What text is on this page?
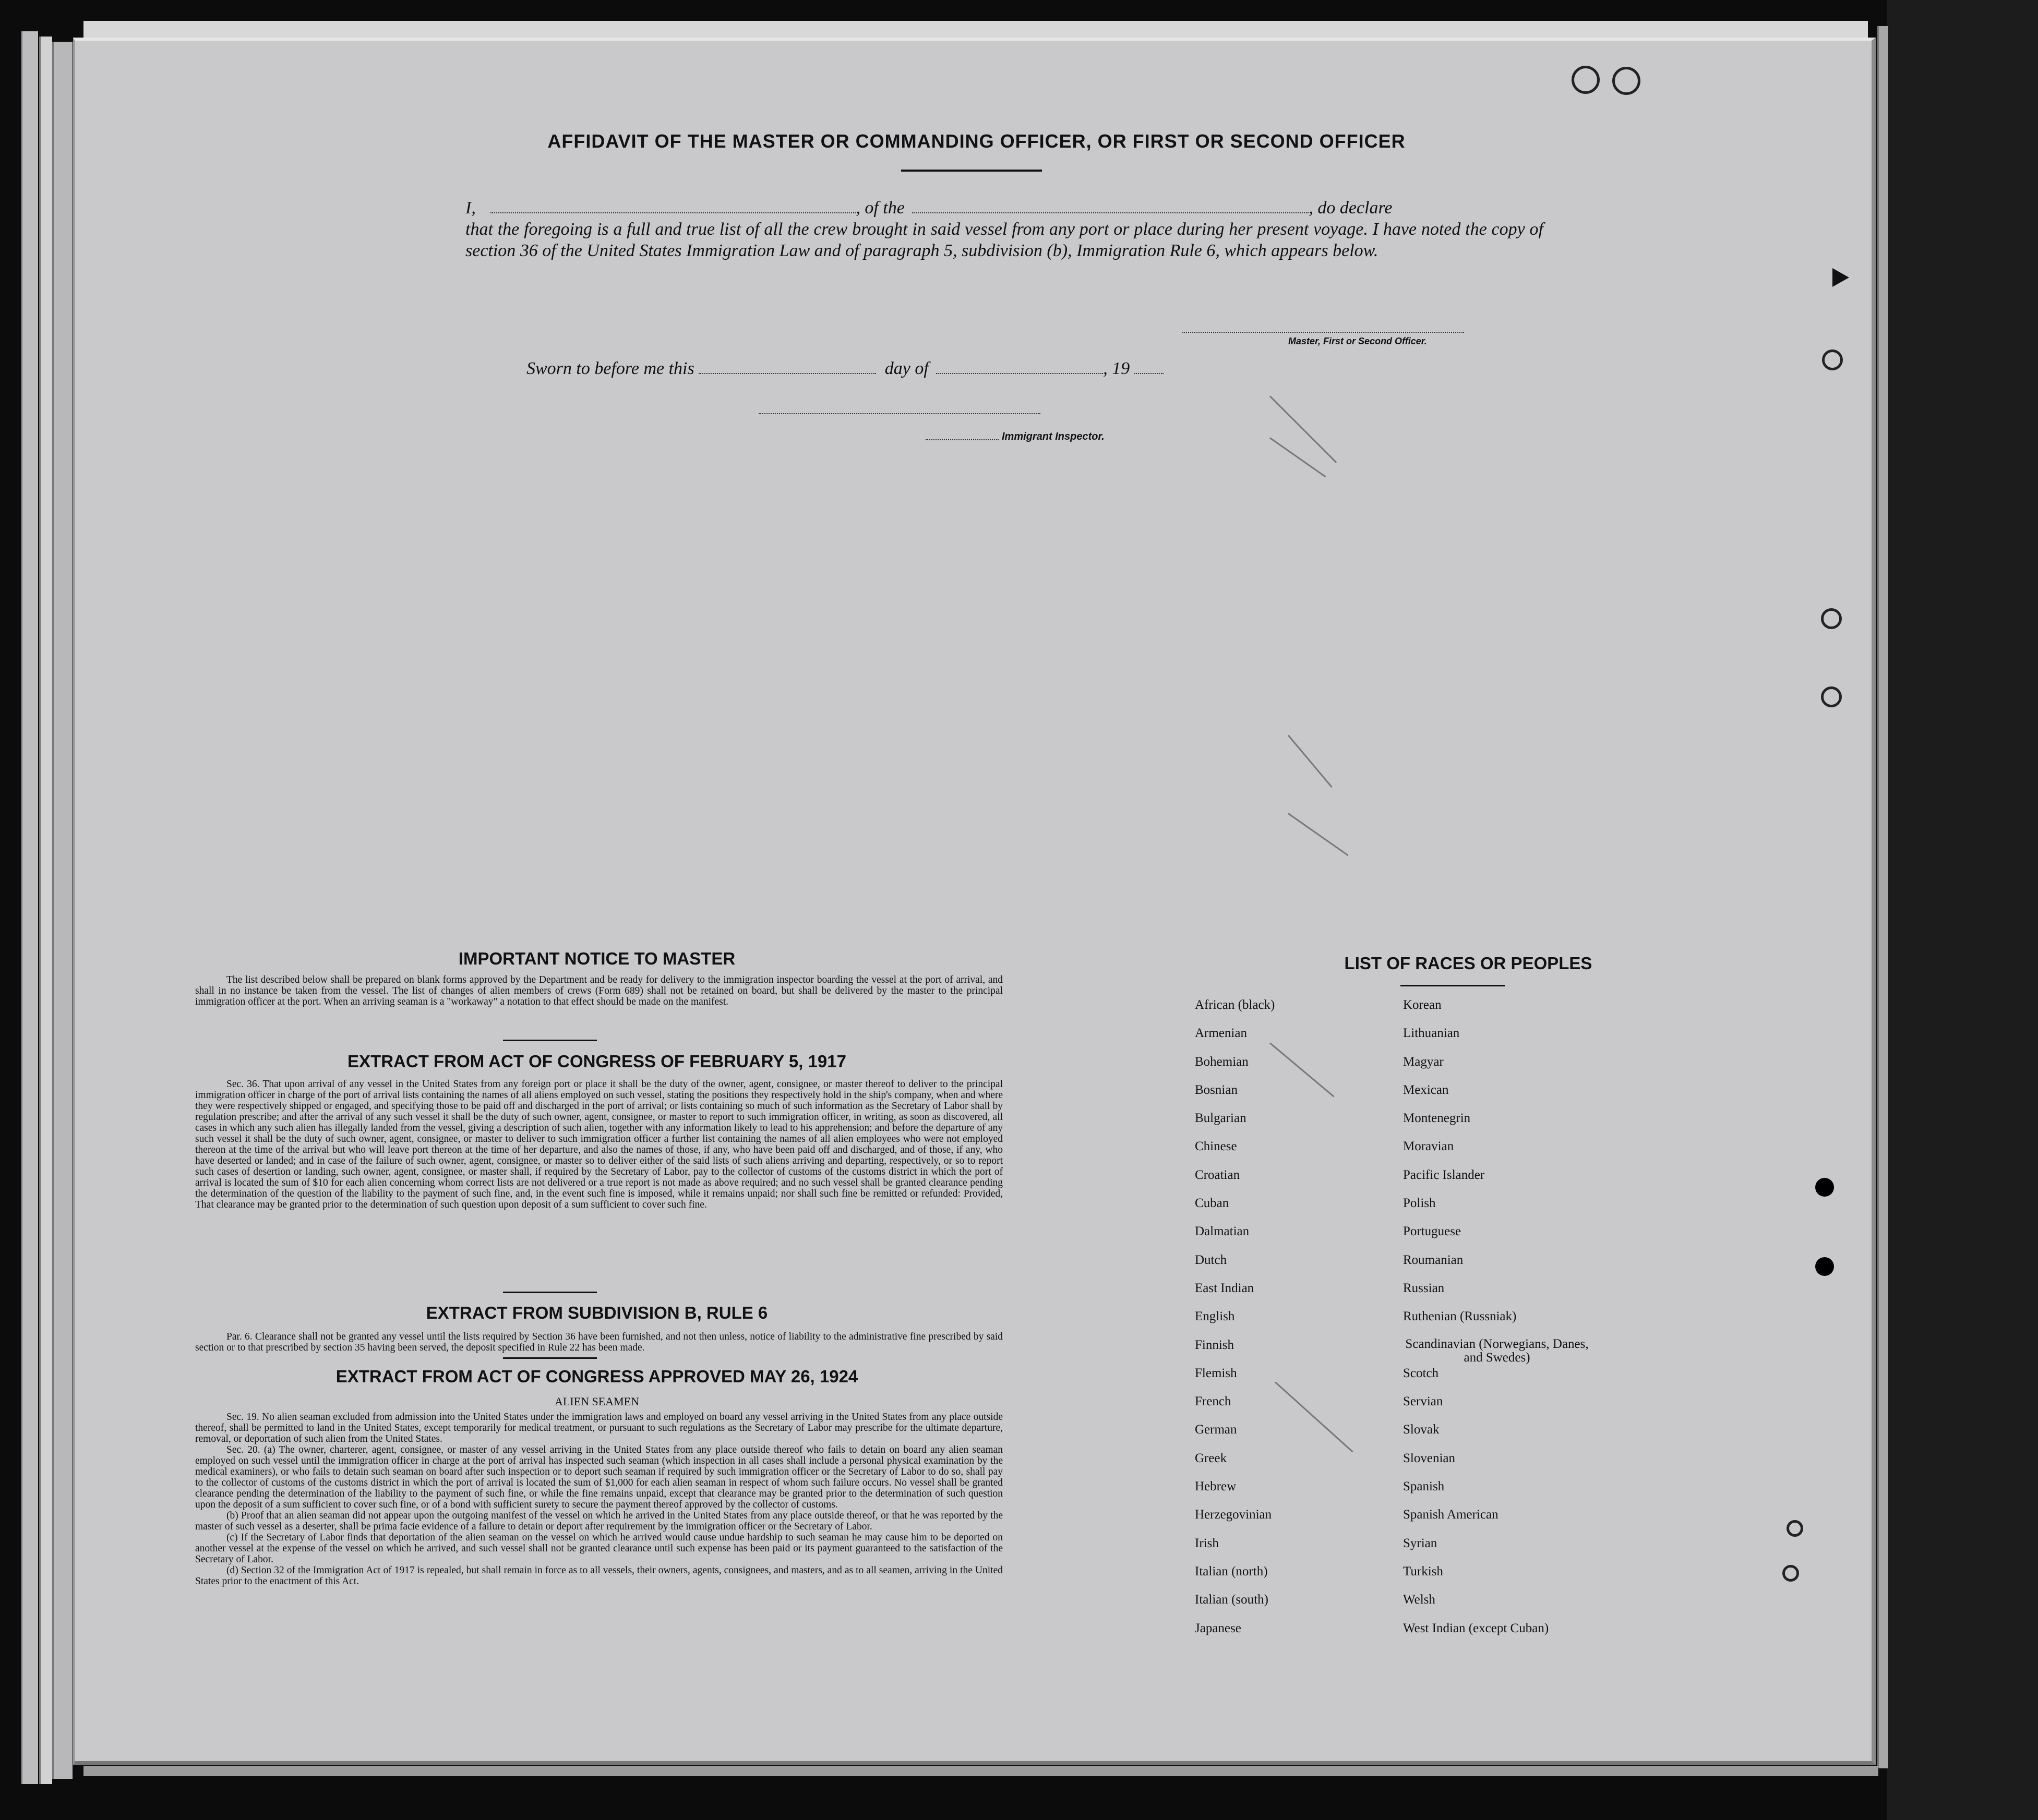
AFFIDAVIT OF THE MASTER OR COMMANDING OFFICER, OR FIRST OR SECOND OFFICER
I,	, of the	, do declare
that the foregoing is a full and true list of all the crew brought in said vessel from any port or place during her present voyage. I have noted the copy of section 36 of the United States Immigration Law and of paragraph 5, subdivision (b), Immigration Rule 6, which appears below.
Master, First or Second Officer.
Sworn to before me this	day of	, 19
Immigrant Inspector.
IMPORTANT NOTICE TO MASTER

The list described below shall be prepared on blank forms approved by the Department and be ready for delivery to the immigration inspector boarding the vessel at the port of arrival, and shall in no instance be taken from the vessel. The list of changes of alien members of crews (Form 689) shall not be retained on board, but shall be delivered by the master to the principal immigration officer at the port. When an arriving seaman is a "workaway" a notation to that effect should be made on the manifest.

EXTRACT FROM ACT OF CONGRESS OF FEBRUARY 5, 1917

Sec. 36. That upon arrival of any vessel in the United States from any foreign port or place it shall be the duty of the owner, agent, consignee, or master thereof to deliver to the principal immigration officer in charge of the port of arrival lists containing the names of all aliens employed on such vessel, stating the positions they respectively hold in the ship's company, when and where they were respectively shipped or engaged, and specifying those to be paid off and discharged in the port of arrival; or lists containing so much of such information as the Secretary of Labor shall by regulation prescribe; and after the arrival of any such vessel it shall be the duty of such owner, agent, consignee, or master to report to such immigration officer, in writing, as soon as discovered, all cases in which any such alien has illegally landed from the vessel, giving a description of such alien, together with any information likely to lead to his apprehension; and before the departure of any such vessel it shall be the duty of such owner, agent, consignee, or master to deliver to such immigration officer a further list containing the names of all alien employees who were not employed thereon at the time of the arrival but who will leave port thereon at the time of her departure, and also the names of those, if any, who have been paid off and discharged, and of those, if any, who have deserted or landed; and in case of the failure of such owner, agent, consignee, or master so to deliver either of the said lists of such aliens arriving and departing, respectively, or so to report such cases of desertion or landing, such owner, agent, consignee, or master shall, if required by the Secretary of Labor, pay to the collector of customs of the customs district in which the port of arrival is located the sum of $10 for each alien concerning whom correct lists are not delivered or a true report is not made as above required; and no such vessel shall be granted clearance pending the determination of the question of the liability to the payment of such fine, and, in the event such fine is imposed, while it remains unpaid; nor shall such fine be remitted or refunded: Provided, That clearance may be granted prior to the determination of such question upon deposit of a sum sufficient to cover such fine.

EXTRACT FROM SUBDIVISION B, RULE 6

Par. 6. Clearance shall not be granted any vessel until the lists required by Section 36 have been furnished, and not then unless, notice of liability to the administrative fine prescribed by said section or to that prescribed by section 35 having been served, the deposit specified in Rule 22 has been made.

EXTRACT FROM ACT OF CONGRESS APPROVED MAY 26, 1924
ALIEN SEAMEN

Sec. 19. No alien seaman excluded from admission into the United States under the immigration laws and employed on board any vessel arriving in the United States from any place outside thereof, shall be permitted to land in the United States, except temporarily for medical treatment, or pursuant to such regulations as the Secretary of Labor may prescribe for the ultimate departure, removal, or deportation of such alien from the United States.

Sec. 20. (a) The owner, charterer, agent, consignee, or master of any vessel arriving in the United States from any place outside thereof who fails to detain on board any alien seaman employed on such vessel until the immigration officer in charge at the port of arrival has inspected such seaman (which inspection in all cases shall include a personal physical examination by the medical examiners), or who fails to detain such seaman on board after such inspection or to deport such seaman if required by such immigration officer or the Secretary of Labor to do so, shall pay to the collector of customs of the customs district in which the port of arrival is located the sum of $1,000 for each alien seaman in respect of whom such failure occurs. No vessel shall be granted clearance pending the determination of the liability to the payment of such fine, or while the fine remains unpaid, except that clearance may be granted prior to the determination of such question upon the deposit of a sum sufficient to cover such fine, or of a bond with sufficient surety to secure the payment thereof approved by the collector of customs.

(b) Proof that an alien seaman did not appear upon the outgoing manifest of the vessel on which he arrived in the United States from any place outside thereof, or that he was reported by the master of such vessel as a deserter, shall be prima facie evidence of a failure to detain or deport after requirement by the immigration officer or the Secretary of Labor.

(c) If the Secretary of Labor finds that deportation of the alien seaman on the vessel on which he arrived would cause undue hardship to such seaman he may cause him to be deported on another vessel at the expense of the vessel on which he arrived, and such vessel shall not be granted clearance until such expense has been paid or its payment guaranteed to the satisfaction of the Secretary of Labor.

(d) Section 32 of the Immigration Act of 1917 is repealed, but shall remain in force as to all vessels, their owners, agents, consignees, and masters, and as to all seamen, arriving in the United States prior to the enactment of this Act.

LIST OF RACES OR PEOPLES
African (black)
Armenian
Bohemian
Bosnian
Bulgarian
Chinese
Croatian
Cuban
Dalmatian
Dutch
East Indian
English
Finnish
Flemish
French
German
Greek
Hebrew
Herzegovinian
Irish
Italian (north)
Italian (south)
Japanese
Korean
Lithuanian
Magyar
Mexican
Montenegrin
Moravian
Pacific Islander
Polish
Portuguese
Roumanian
Russian
Ruthenian (Russniak)
Scandinavian (Norwegians, Danes, and Swedes)
Scotch
Servian
Slovak
Slovenian
Spanish
Spanish American
Syrian
Turkish
Welsh
West Indian (except Cuban)
